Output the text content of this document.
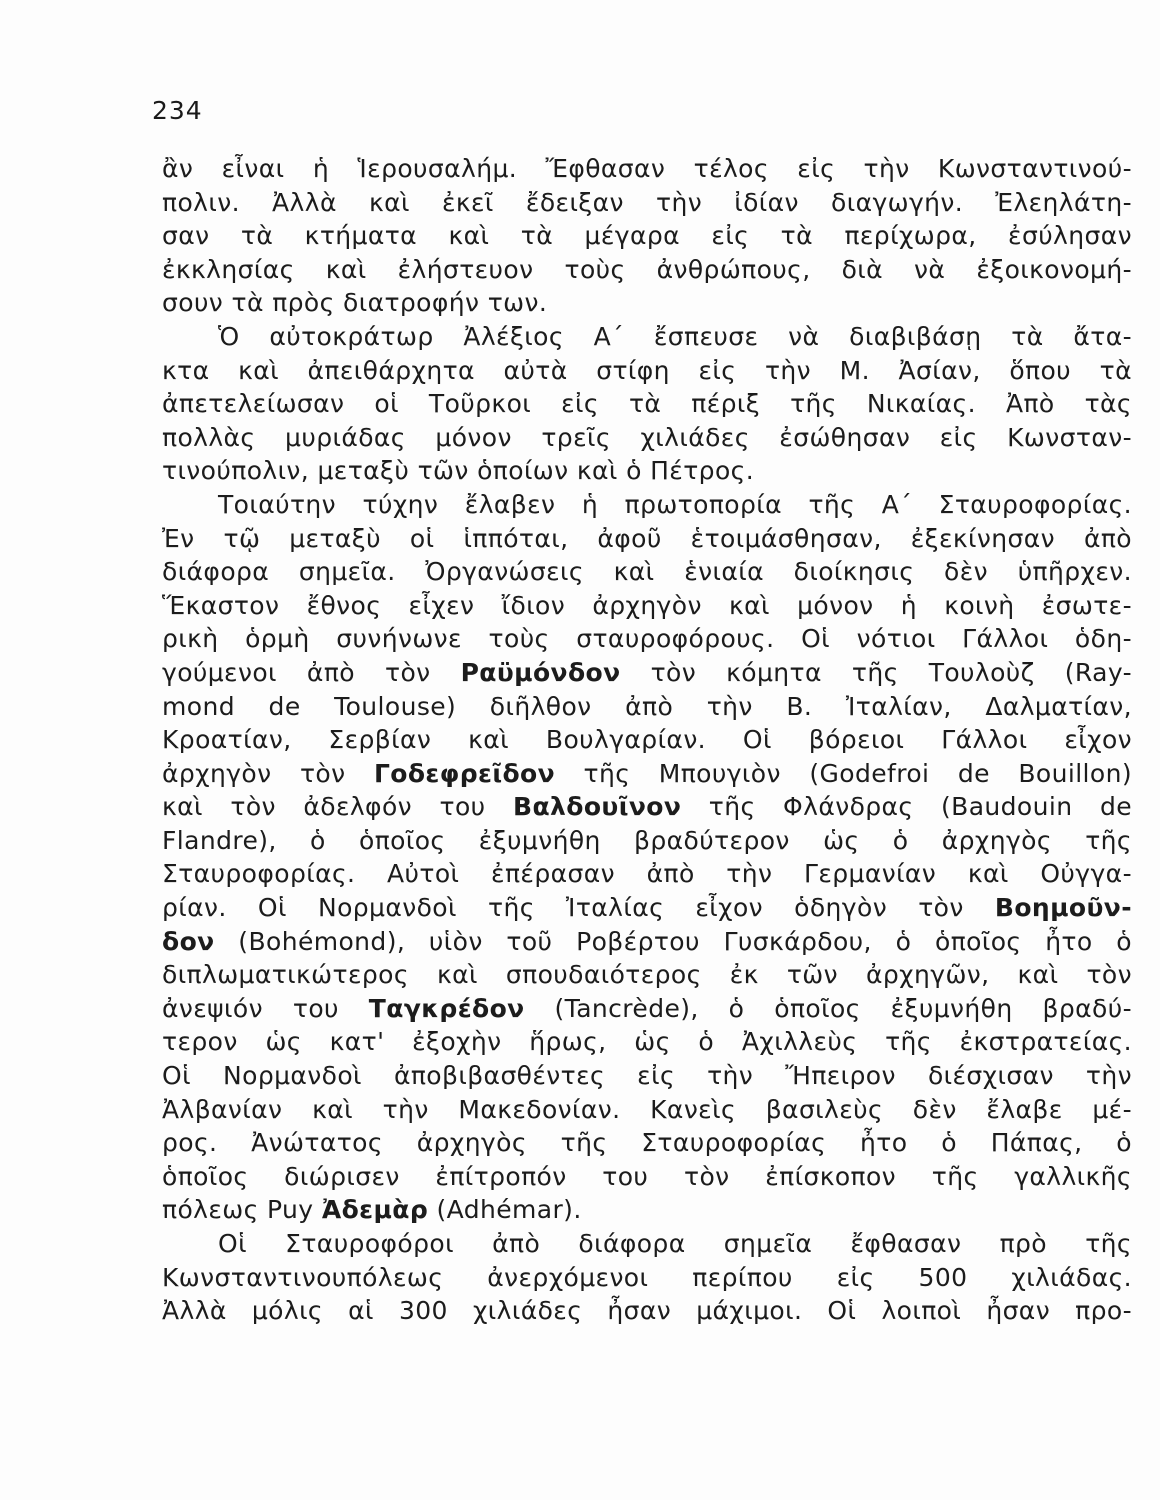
234
ἂν εἶναι ἡ Ἱερουσαλήμ. Ἔφθασαν τέλος εἰς τὴν Κωνσταντινού-
πολιν. Ἀλλὰ καὶ ἐκεῖ ἔδειξαν τὴν ἰδίαν διαγωγήν. Ἐλεηλάτη-
σαν τὰ κτήματα καὶ τὰ μέγαρα εἰς τὰ περίχωρα, ἐσύλησαν
ἐκκλησίας καὶ ἐλήστευον τοὺς ἀνθρώπους, διὰ νὰ ἐξοικονομή-
σουν τὰ πρὸς διατροφήν των.
Ὁ αὐτοκράτωρ Ἀλέξιος Α΄ ἔσπευσε νὰ διαβιβάσῃ τὰ ἄτα-
κτα καὶ ἀπειθάρχητα αὐτὰ στίφη εἰς τὴν Μ. Ἀσίαν, ὅπου τὰ
ἀπετελείωσαν οἱ Τοῦρκοι εἰς τὰ πέριξ τῆς Νικαίας. Ἀπὸ τὰς
πολλὰς μυριάδας μόνον τρεῖς χιλιάδες ἐσώθησαν εἰς Κωνσταν-
τινούπολιν, μεταξὺ τῶν ὁποίων καὶ ὁ Πέτρος.
Τοιαύτην τύχην ἔλαβεν ἡ πρωτοπορία τῆς Α΄ Σταυροφορίας.
Ἐν τῷ μεταξὺ οἱ ἱππόται, ἀφοῦ ἑτοιμάσθησαν, ἐξεκίνησαν ἀπὸ
διάφορα σημεῖα. Ὀργανώσεις καὶ ἑνιαία διοίκησις δὲν ὑπῆρχεν.
Ἕκαστον ἔθνος εἶχεν ἴδιον ἀρχηγὸν καὶ μόνον ἡ κοινὴ ἐσωτε-
ρικὴ ὁρμὴ συνήνωνε τοὺς σταυροφόρους. Οἱ νότιοι Γάλλοι ὁδη-
γούμενοι ἀπὸ τὸν Ραϋμόνδον τὸν κόμητα τῆς Τουλοὺζ (Ray-
mond de Toulouse) διῆλθον ἀπὸ τὴν Β. Ἰταλίαν, Δαλματίαν,
Κροατίαν, Σερβίαν καὶ Βουλγαρίαν. Οἱ βόρειοι Γάλλοι εἶχον
ἀρχηγὸν τὸν Γοδεφρεῖδον τῆς Μπουγιὸν (Godefroi de Bouillon)
καὶ τὸν ἀδελφόν του Βαλδουῖνον τῆς Φλάνδρας (Baudouin de
Flandre), ὁ ὁποῖος ἐξυμνήθη βραδύτερον ὡς ὁ ἀρχηγὸς τῆς
Σταυροφορίας. Αὐτοὶ ἐπέρασαν ἀπὸ τὴν Γερμανίαν καὶ Οὐγγα-
ρίαν. Οἱ Νορμανδοὶ τῆς Ἰταλίας εἶχον ὁδηγὸν τὸν Βοημοῦν-
δον (Bohémond), υἱὸν τοῦ Ροβέρτου Γυσκάρδου, ὁ ὁποῖος ἦτο ὁ
διπλωματικώτερος καὶ σπουδαιότερος ἐκ τῶν ἀρχηγῶν, καὶ τὸν
ἀνεψιόν του Ταγκρέδον (Tancrède), ὁ ὁποῖος ἐξυμνήθη βραδύ-
τερον ὡς κατ' ἐξοχὴν ἥρως, ὡς ὁ Ἀχιλλεὺς τῆς ἐκστρατείας.
Οἱ Νορμανδοὶ ἀποβιβασθέντες εἰς τὴν Ἤπειρον διέσχισαν τὴν
Ἀλβανίαν καὶ τὴν Μακεδονίαν. Κανεὶς βασιλεὺς δὲν ἔλαβε μέ-
ρος. Ἀνώτατος ἀρχηγὸς τῆς Σταυροφορίας ἦτο ὁ Πάπας, ὁ
ὁποῖος διώρισεν ἐπίτροπόν του τὸν ἐπίσκοπον τῆς γαλλικῆς
πόλεως Puy Ἀδεμὰρ (Adhémar).
Οἱ Σταυροφόροι ἀπὸ διάφορα σημεῖα ἔφθασαν πρὸ τῆς
Κωνσταντινουπόλεως ἀνερχόμενοι περίπου εἰς 500 χιλιάδας.
Ἀλλὰ μόλις αἱ 300 χιλιάδες ἦσαν μάχιμοι. Οἱ λοιποὶ ἦσαν προ-
